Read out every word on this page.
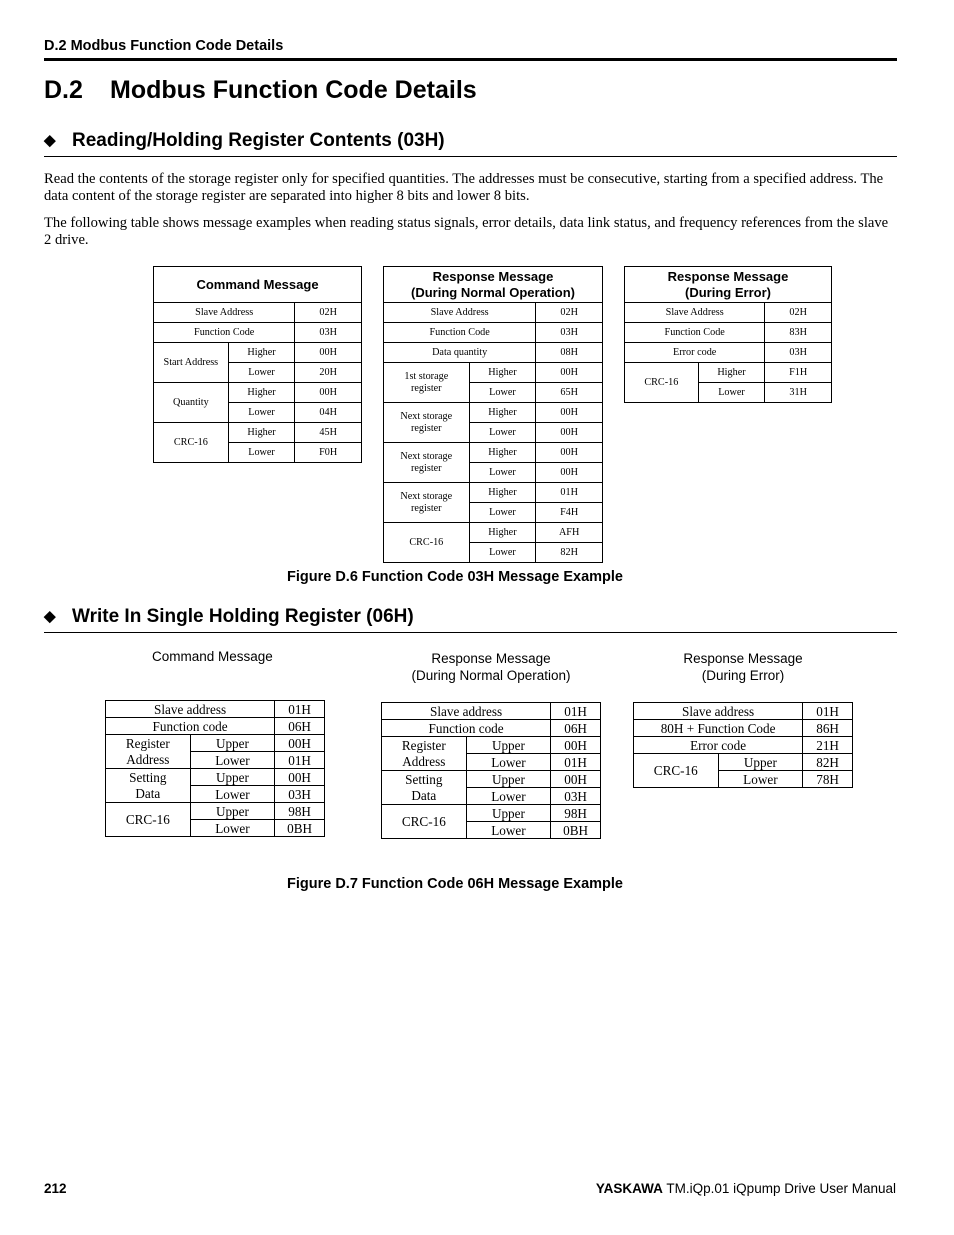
D.2 Modbus Function Code Details
D.2 Modbus Function Code Details
◆ Reading/Holding Register Contents (03H)
Read the contents of the storage register only for specified quantities. The addresses must be consecutive, starting from a specified address. The data content of the storage register are separated into higher 8 bits and lower 8 bits.
The following table shows message examples when reading status signals, error details, data link status, and frequency references from the slave 2 drive.
Command Message		
Slave Address		02H
Function Code		03H
Start Address	Higher	00H
	Lower	20H
Quantity	Higher	00H
	Lower	04H
CRC-16	Higher	45H
	Lower	F0H
Response Message
(During Normal Operation)		

Slave Address		02H
Function Code		03H
Data quantity		08H

1st storage
register	Higher	00H
	Lower	65H

Next storage
register	Higher	00H
	Lower	00H

Next storage
register	Higher	00H
	Lower	00H

Next storage
register	Higher	01H
	Lower	F4H
CRC-16	Higher	AFH
	Lower	82H
Response Message
(During Error)		

Slave Address		02H
Function Code		83H
Error code		03H
CRC-16	Higher	F1H
	Lower	31H
Figure D.6 Function Code 03H Message Example
◆ Write In Single Holding Register (06H)
Command Message	Response Message
(During Normal Operation)
Response Message
(During Error)
Slave address		01H
Function code		06H

Register
Address	Upper	00H
	Lower	01H

Setting
Data	Upper	00H
	Lower	03H
CRC-16	Upper	98H
	Lower	0BH
Slave address		01H
Function code		06H

Register
Address	Upper	00H
	Lower	01H

Setting
Data	Upper	00H
	Lower	03H
CRC-16	Upper	98H
	Lower	0BH
Slave address		01H
80H + Function Code		86H
Error code		21H
CRC-16	Upper	82H
	Lower	78H
Figure D.7 Function Code 06H Message Example
212	YASKAWA TM.iQp.01 iQpump Drive User Manual
